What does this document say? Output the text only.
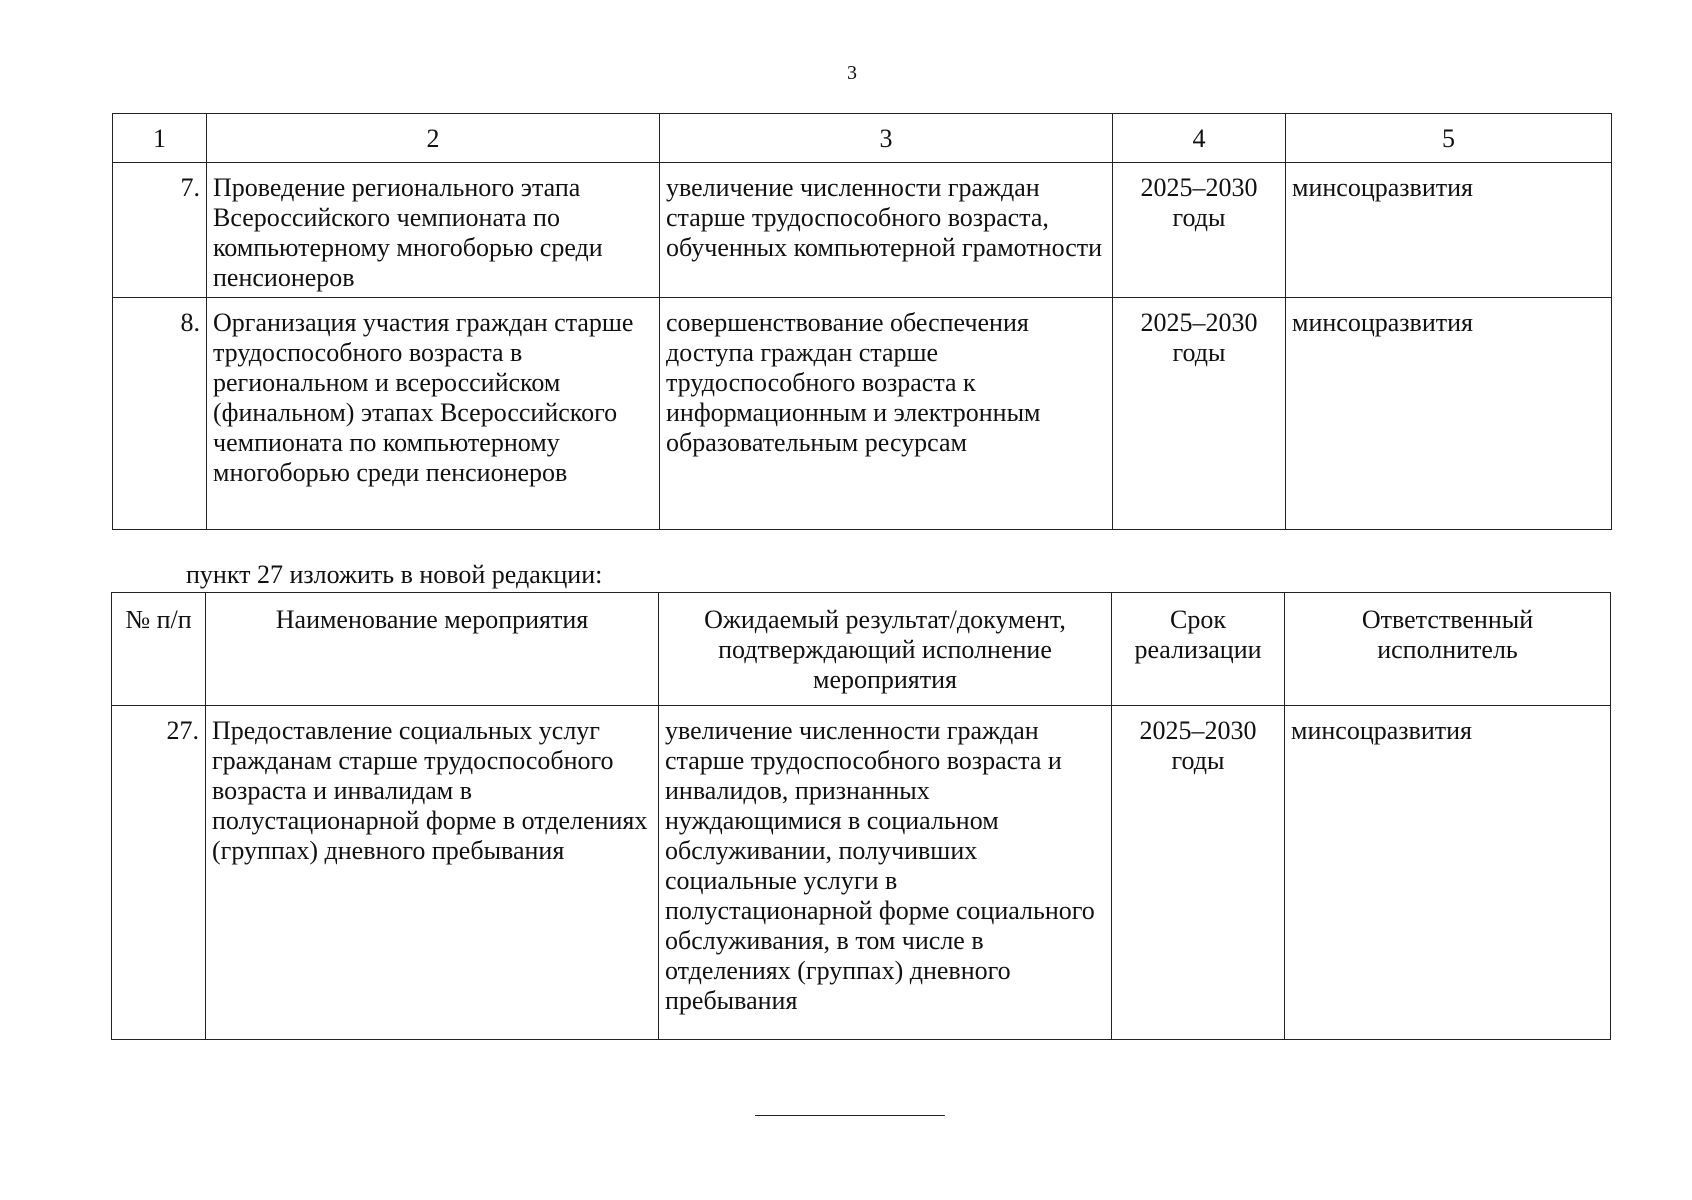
3
1	2	3	4	5
7.	Проведение регионального этапа Всероссийского чемпионата по компьютерному многоборью среди пенсионеров	увеличение численности граждан старше трудоспособного возраста, обученных компьютерной грамотности	2025–2030 годы	минсоцразвития
8.	Организация участия граждан старше трудоспособного возраста в региональном и всероссийском (финальном) этапах Всероссийского чемпионата по компьютерному многоборью среди пенсионеров	совершенствование обеспечения доступа граждан старше трудоспособного возраста к информационным и электронным образовательным ресурсам	2025–2030 годы	минсоцразвития
пункт 27 изложить в новой редакции:
№ п/п	Наименование мероприятия	Ожидаемый результат/документ, подтверждающий исполнение мероприятия	Срок реализации	Ответственный исполнитель
27.	Предоставление социальных услуг гражданам старше трудоспособного возраста и инвалидам в полустационарной форме в отделениях (группах) дневного пребывания	увеличение численности граждан старше трудоспособного возраста и инвалидов, признанных нуждающимися в социальном обслуживании, получивших социальные услуги в полустационарной форме социального обслуживания, в том числе в отделениях (группах) дневного пребывания	2025–2030 годы	минсоцразвития
